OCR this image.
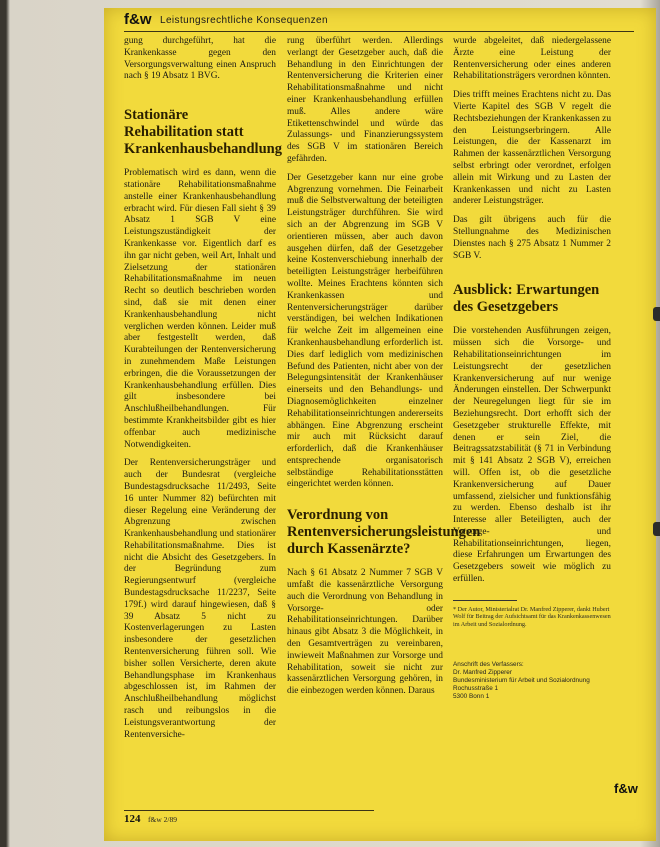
f&w Leistungsrechtliche Konsequenzen

gung durchgeführt, hat die Krankenkasse gegen den Versorgungsverwaltung einen Anspruch nach § 19 Absatz 1 BVG.

Stationäre Rehabilitation statt Krankenhausbehandlung

Problematisch wird es dann, wenn die stationäre Rehabilitationsmaßnahme anstelle einer Krankenhausbehandlung erbracht wird. Für diesen Fall sieht § 39 Absatz 1 SGB V eine Leistungszuständigkeit der Krankenkasse vor. Eigentlich darf es ihn gar nicht geben, weil Art, Inhalt und Zielsetzung der stationären Rehabilitationsmaßnahme im neuen Recht so deutlich beschrieben worden sind, daß sie mit denen einer Krankenhausbehandlung nicht verglichen werden können. Leider muß aber festgestellt werden, daß Kurabteilungen der Rentenversicherung in zunehmendem Maße Leistungen erbringen, die die Voraussetzungen der Krankenhausbehandlung erfüllen. Dies gilt insbesondere bei Anschlußheilbehandlungen. Für bestimmte Krankheitsbilder gibt es hier offenbar auch medizinische Notwendigkeiten.

Der Rentenversicherungsträger und auch der Bundesrat (vergleiche Bundestagsdrucksache 11/2493, Seite 16 unter Nummer 82) befürchten mit dieser Regelung eine Veränderung der Abgrenzung zwischen Krankenhausbehandlung und stationärer Rehabilitationsmaßnahme. Dies ist nicht die Absicht des Gesetzgebers. In der Begründung zum Regierungsentwurf (vergleiche Bundestagsdrucksache 11/2237, Seite 179f.) wird darauf hingewiesen, daß § 39 Absatz 5 nicht zu Kostenverlagerungen zu Lasten insbesondere der gesetzlichen Rentenversicherung führen soll. Wie bisher sollen Versicherte, deren akute Behandlungsphase im Krankenhaus abgeschlossen ist, im Rahmen der Anschlußheilbehandlung möglichst rasch und reibungslos in die Leistungsverantwortung der Rentenversiche-

rung überführt werden. Allerdings verlangt der Gesetzgeber auch, daß die Behandlung in den Einrichtungen der Rentenversicherung die Kriterien einer Rehabilitationsmaßnahme und nicht einer Krankenhausbehandlung erfüllen muß. Alles andere wäre Etikettenschwindel und würde das Zulassungs- und Finanzierungssystem des SGB V im stationären Bereich gefährden.

Der Gesetzgeber kann nur eine grobe Abgrenzung vornehmen. Die Feinarbeit muß die Selbstverwaltung der beteiligten Leistungsträger durchführen. Sie wird sich an der Abgrenzung im SGB V orientieren müssen, aber auch davon ausgehen dürfen, daß der Gesetzgeber keine Kostenverschiebung innerhalb der beteiligten Leistungsträger herbeiführen wollte. Meines Erachtens könnten sich Krankenkassen und Rentenversicherungsträger darüber verständigen, bei welchen Indikationen für welche Zeit im allgemeinen eine Krankenhausbehandlung erforderlich ist. Dies darf lediglich vom medizinischen Befund des Patienten, nicht aber von der Belegungsintensität der Krankenhäuser einerseits und den Behandlungs- und Diagnosemöglichkeiten einzelner Rehabilitationseinrichtungen andererseits abhängen. Eine Abgrenzung erscheint mir auch mit Rücksicht darauf erforderlich, daß die Krankenhäuser entsprechende organisatorisch selbständige Rehabilitationsstätten eingerichtet werden können.

Verordnung von Rentenversicherungsleistungen durch Kassenärzte?

Nach § 61 Absatz 2 Nummer 7 SGB V umfaßt die kassenärztliche Versorgung auch die Verordnung von Behandlung in Vorsorge- oder Rehabilitationseinrichtungen. Darüber hinaus gibt Absatz 3 die Möglichkeit, in den Gesamtverträgen zu vereinbaren, inwieweit Maßnahmen zur Vorsorge und Rehabilitation, soweit sie nicht zur kassenärztlichen Versorgung gehören, in die einbezogen werden können. Daraus

wurde abgeleitet, daß niedergelassene Ärzte eine Leistung der Rentenversicherung oder eines anderen Rehabilitationsträgers verordnen könnten.

Dies trifft meines Erachtens nicht zu. Das Vierte Kapitel des SGB V regelt die Rechtsbeziehungen der Krankenkassen zu den Leistungserbringern. Alle Leistungen, die der Kassenarzt im Rahmen der kassenärztlichen Versorgung selbst erbringt oder verordnet, erfolgen allein mit Wirkung und zu Lasten der Krankenkassen und nicht zu Lasten anderer Leistungsträger.

Das gilt übrigens auch für die Stellungnahme des Medizinischen Dienstes nach § 275 Absatz 1 Nummer 2 SGB V.

Ausblick: Erwartungen des Gesetzgebers

Die vorstehenden Ausführungen zeigen, müssen sich die Vorsorge- und Rehabilitationseinrichtungen im Leistungsrecht der gesetzlichen Krankenversicherung auf nur wenige Änderungen einstellen. Der Schwerpunkt der Neuregelungen liegt für sie im Beziehungsrecht. Dort erhofft sich der Gesetzgeber strukturelle Effekte, mit denen er sein Ziel, die Beitragssatzstabilität (§ 71 in Verbindung mit § 141 Absatz 2 SGB V), erreichen will. Offen ist, ob die gesetzliche Krankenversicherung auf Dauer umfassend, zielsicher und funktionsfähig zu werden. Ebenso deshalb ist ihr Interesse aller Beteiligten, auch der Vorsorge- und Rehabilitationseinrichtungen, liegen, diese Erfahrungen um Erwartungen des Gesetzgebers soweit wie möglich zu erfüllen.

* Der Autor, Ministerialrat Dr. Manfred Zipperer, dankt Hubert Wolf für Beitrag der Aufsichtsamt für das Krankenkassenwesen im Arbeit und Sozialordnung.
Anschrift des Verfassers:
Dr. Manfred Zipperer
Bundesministerium für Arbeit und Sozialordnung
Rochusstraße 1
5300 Bonn 1
f&w
124 f&w 2/89
